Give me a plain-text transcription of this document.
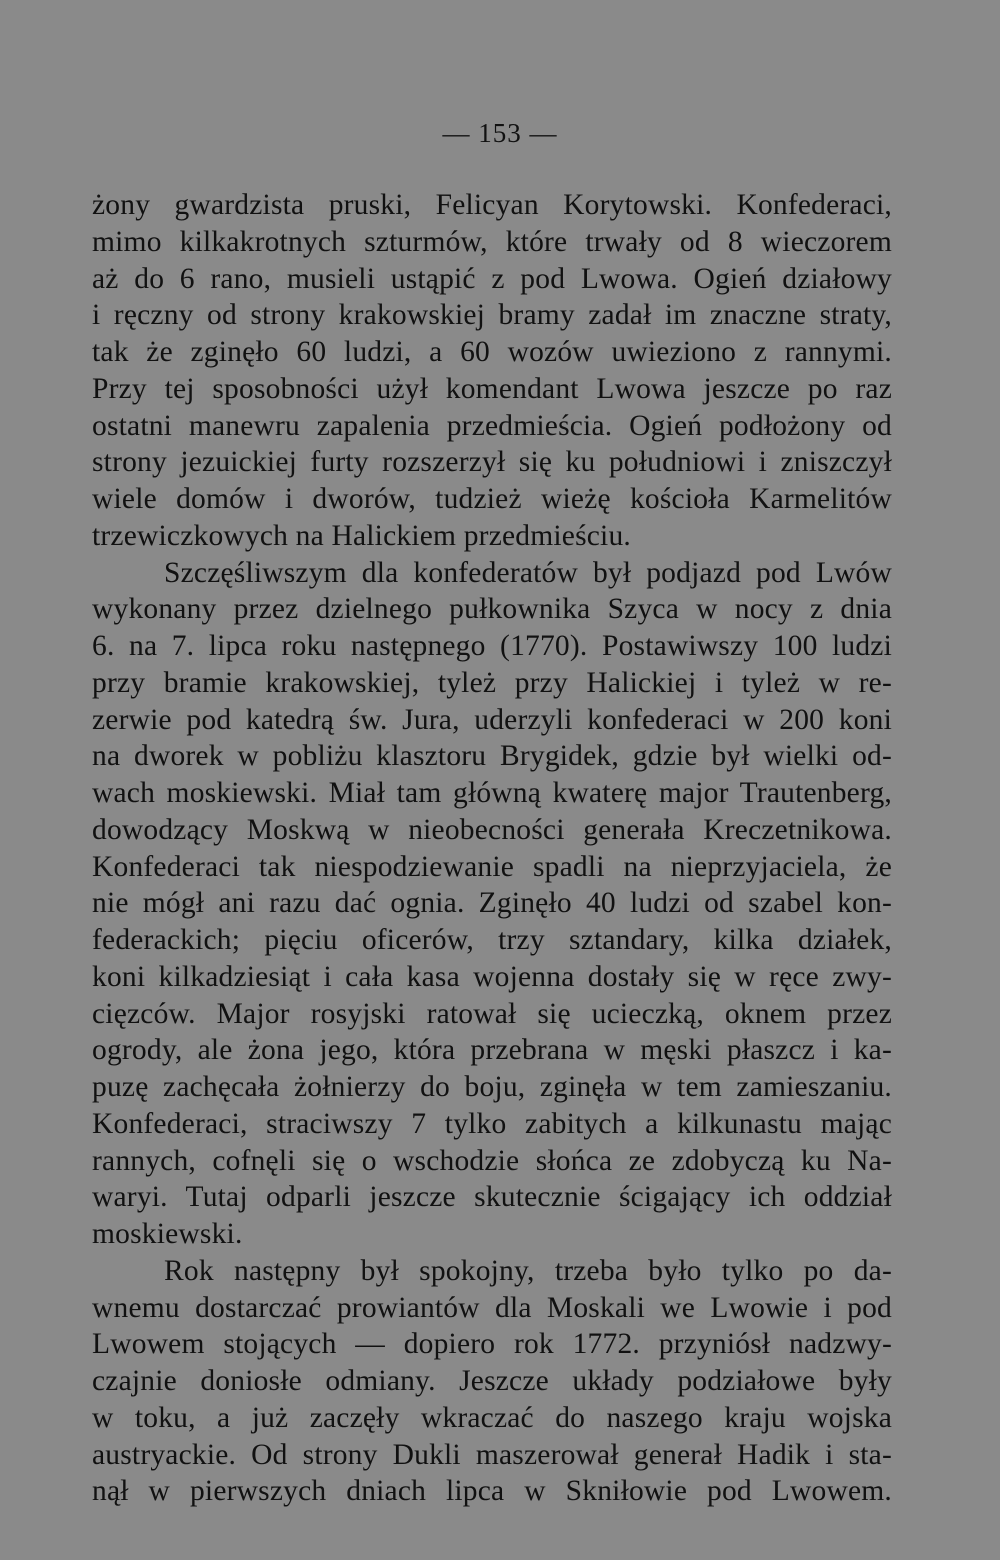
— 153 —
żony gwardzista pruski, Felicyan Korytowski. Konfederaci,
mimo kilkakrotnych szturmów, które trwały od 8 wieczorem
aż do 6 rano, musieli ustąpić z pod Lwowa. Ogień działowy
i ręczny od strony krakowskiej bramy zadał im znaczne straty,
tak że zginęło 60 ludzi, a 60 wozów uwieziono z rannymi.
Przy tej sposobności użył komendant Lwowa jeszcze po raz
ostatni manewru zapalenia przedmieścia. Ogień podłożony od
strony jezuickiej furty rozszerzył się ku południowi i zniszczył
wiele domów i dworów, tudzież wieżę kościoła Karmelitów
trzewiczkowych na Halickiem przedmieściu.
Szczęśliwszym dla konfederatów był podjazd pod Lwów
wykonany przez dzielnego pułkownika Szyca w nocy z dnia
6. na 7. lipca roku następnego (1770). Postawiwszy 100 ludzi
przy bramie krakowskiej, tyleż przy Halickiej i tyleż w re-
zerwie pod katedrą św. Jura, uderzyli konfederaci w 200 koni
na dworek w pobliżu klasztoru Brygidek, gdzie był wielki od-
wach moskiewski. Miał tam główną kwaterę major Trautenberg,
dowodzący Moskwą w nieobecności generała Kreczetnikowa.
Konfederaci tak niespodziewanie spadli na nieprzyjaciela, że
nie mógł ani razu dać ognia. Zginęło 40 ludzi od szabel kon-
federackich; pięciu oficerów, trzy sztandary, kilka działek,
koni kilkadziesiąt i cała kasa wojenna dostały się w ręce zwy-
cięzców. Major rosyjski ratował się ucieczką, oknem przez
ogrody, ale żona jego, która przebrana w męski płaszcz i ka-
puzę zachęcała żołnierzy do boju, zginęła w tem zamieszaniu.
Konfederaci, straciwszy 7 tylko zabitych a kilkunastu mając
rannych, cofnęli się o wschodzie słońca ze zdobyczą ku Na-
waryi. Tutaj odparli jeszcze skutecznie ścigający ich oddział
moskiewski.
Rok następny był spokojny, trzeba było tylko po da-
wnemu dostarczać prowiantów dla Moskali we Lwowie i pod
Lwowem stojących — dopiero rok 1772. przyniósł nadzwy-
czajnie doniosłe odmiany. Jeszcze układy podziałowe były
w toku, a już zaczęły wkraczać do naszego kraju wojska
austryackie. Od strony Dukli maszerował generał Hadik i sta-
nął w pierwszych dniach lipca w Skniłowie pod Lwowem.
